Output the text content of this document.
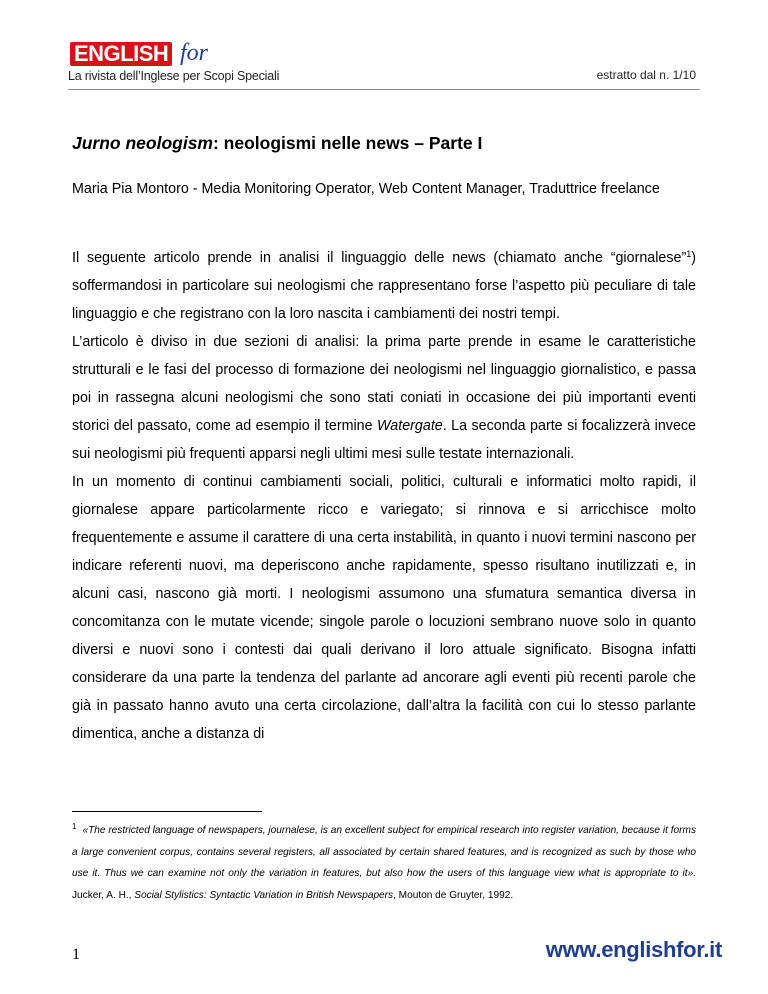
ENGLISH for
La rivista dell’Inglese per Scopi Speciali	estratto dal n. 1/10
Jurno neologism: neologismi nelle news – Parte I
Maria Pia Montoro - Media Monitoring Operator, Web Content Manager, Traduttrice freelance

Il seguente articolo prende in analisi il linguaggio delle news (chiamato anche “giornalese”$^1$) soffermandosi in particolare sui neologismi che rappresentano forse l’aspetto più peculiare di tale linguaggio e che registrano con la loro nascita i cambiamenti dei nostri tempi.

L’articolo è diviso in due sezioni di analisi: la prima parte prende in esame le caratteristiche strutturali e le fasi del processo di formazione dei neologismi nel linguaggio giornalistico, e passa poi in rassegna alcuni neologismi che sono stati coniati in occasione dei più importanti eventi storici del passato, come ad esempio il termine Watergate. La seconda parte si focalizzerà invece sui neologismi più frequenti apparsi negli ultimi mesi sulle testate internazionali.

In un momento di continui cambiamenti sociali, politici, culturali e informatici molto rapidi, il giornalese appare particolarmente ricco e variegato; si rinnova e si arricchisce molto frequentemente e assume il carattere di una certa instabilità, in quanto i nuovi termini nascono per indicare referenti nuovi, ma deperiscono anche rapidamente, spesso risultano inutilizzati e, in alcuni casi, nascono già morti. I neologismi assumono una sfumatura semantica diversa in concomitanza con le mutate vicende; singole parole o locuzioni sembrano nuove solo in quanto diversi e nuovi sono i contesti dai quali derivano il loro attuale significato. Bisogna infatti considerare da una parte la tendenza del parlante ad ancorare agli eventi più recenti parole che già in passato hanno avuto una certa circolazione, dall’altra la facilità con cui lo stesso parlante dimentica, anche a distanza di

$^1$ «The restricted language of newspapers, journalese, is an excellent subject for empirical research into register variation, because it forms a large convenient corpus, contains several registers, all associated by certain shared features, and is recognized as such by those who use it. Thus we can examine not only the variation in features, but also how the users of this language view what is appropriate to it». Jucker, A. H., Social Stylistics: Syntactic Variation in British Newspapers, Mouton de Gruyter, 1992.
1	www.englishfor.it
